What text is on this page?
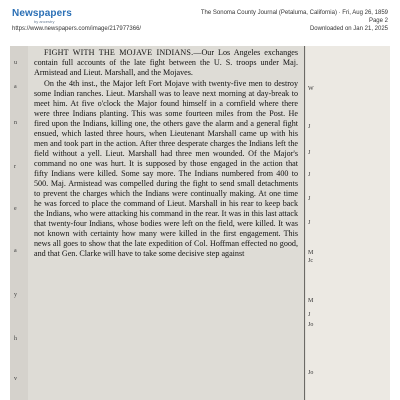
Newspapers
by ancestry
https://www.newspapers.com/image/217977366/
The Sonoma County Journal (Petaluma, California) · Fri, Aug 26, 1859
Page 2
Downloaded on Jan 21, 2025
u
a
n
r
e
a
y
h
v

FIGHT WITH THE MOJAVE INDIANS.—Our Los Angeles exchanges contain full accounts of the late fight between the U. S. troops under Maj. Armistead and Lieut. Marshall, and the Mojaves.

On the 4th inst., the Major left Fort Mojave with twenty-five men to destroy some Indian ranches. Lieut. Marshall was to leave next morning at day-break to meet him. At five o'clock the Major found himself in a cornfield where there were three Indians planting. This was some fourteen miles from the Post. He fired upon the Indians, killing one, the others gave the alarm and a general fight ensued, which lasted three hours, when Lieutenant Marshall came up with his men and took part in the action. After three desperate charges the Indians left the field without a yell. Lieut. Marshall had three men wounded. Of the Major's command no one was hurt. It is supposed by those engaged in the action that fifty Indians were killed. Some say more. The Indians numbered from 400 to 500. Maj. Armistead was compelled during the fight to send small detachments to prevent the charges which the Indians were continually making. At one time he was forced to place the command of Lieut. Marshall in his rear to keep back the Indians, who were attacking his command in the rear. It was in this last attack that twenty-four Indians, whose bodies were left on the field, were killed. It was not known with certainty how many were killed in the first engagement. This news all goes to show that the late expedition of Col. Hoffman effected no good, and that Gen. Clarke will have to take some decisive step against

W
J
J
J
J
J
M
Jc
M
J
Jo
Jo
